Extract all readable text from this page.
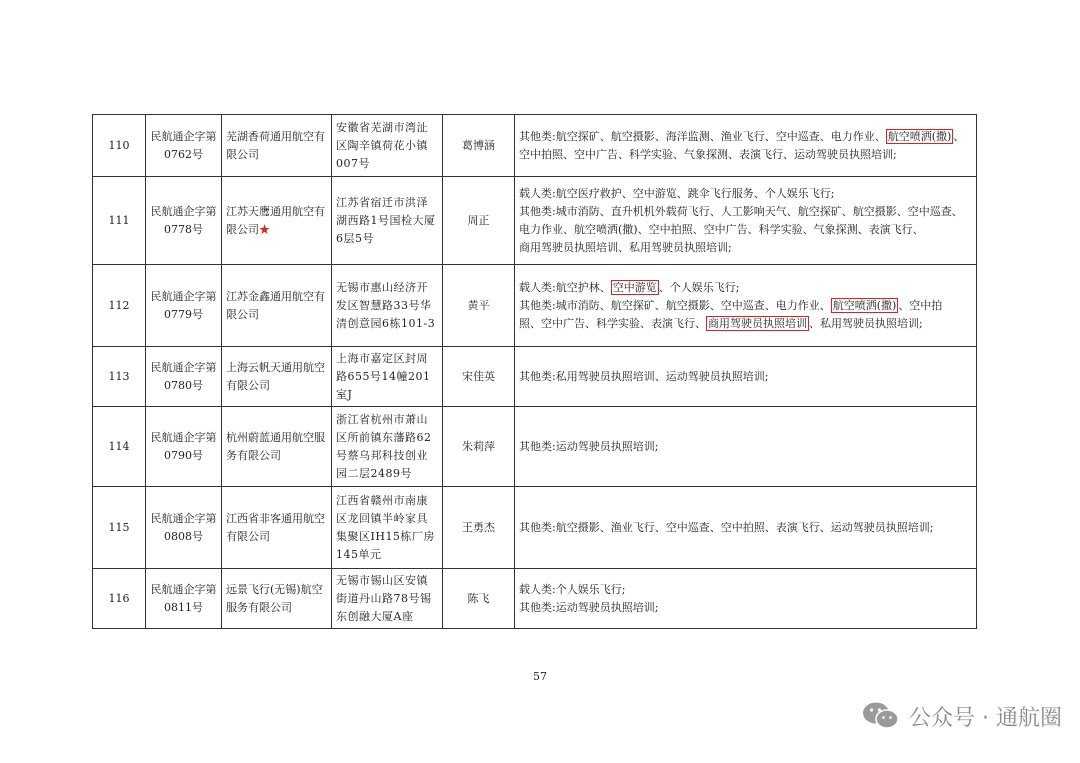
110	民航通企字第0762号	芜湖香荷通用航空有限公司	安徽省芜湖市湾沚区陶辛镇荷花小镇007号	葛博涵	其他类:航空探矿、航空摄影、海洋监测、渔业飞行、空中巡查、电力作业、 航空喷洒(撒) 、
空中拍照、空中广告、科学实验、气象探测、表演飞行、运动驾驶员执照培训;

111	民航通企字第0778号	江苏天鹰通用航空有限公司★	江苏省宿迁市洪泽湖西路1号国检大厦6层5号	周正	载人类:航空医疗救护、空中游览、跳伞飞行服务、个人娱乐飞行;
其他类:城市消防、直升机机外载荷飞行、人工影响天气、航空探矿、航空摄影、空中巡查、
电力作业、航空喷洒(撒)、空中拍照、空中广告、科学实验、气象探测、表演飞行、
商用驾驶员执照培训、私用驾驶员执照培训;

112	民航通企字第0779号	江苏金鑫通用航空有限公司	无锡市惠山经济开发区智慧路33号华清创意园6栋101-3	黄平	载人类:航空护林、 空中游览 、个人娱乐飞行;
其他类:城市消防、航空探矿、航空摄影、空中巡查、电力作业、 航空喷洒(撒) 、空中拍
照、空中广告、科学实验、表演飞行、 商用驾驶员执照培训 、私用驾驶员执照培训;

113	民航通企字第0780号	上海云帆天通用航空有限公司	上海市嘉定区封周路655号14幢201室J	宋佳英	其他类:私用驾驶员执照培训、运动驾驶员执照培训;

114	民航通企字第0790号	杭州蔚蓝通用航空服务有限公司	浙江省杭州市萧山区所前镇东藩路62号蔡乌邦科技创业园二层2489号	朱莉萍	其他类:运动驾驶员执照培训;

115	民航通企字第0808号	江西省非客通用航空有限公司	江西省赣州市南康区龙回镇半岭家具集聚区IH15栋厂房145单元	王勇杰	其他类:航空摄影、渔业飞行、空中巡查、空中拍照、表演飞行、运动驾驶员执照培训;

116	民航通企字第0811号	远景飞行(无锡)航空服务有限公司	无锡市锡山区安镇街道丹山路78号锡东创融大厦A座	陈飞	载人类:个人娱乐飞行;
其他类:运动驾驶员执照培训;
57
公众号 · 通航圈
